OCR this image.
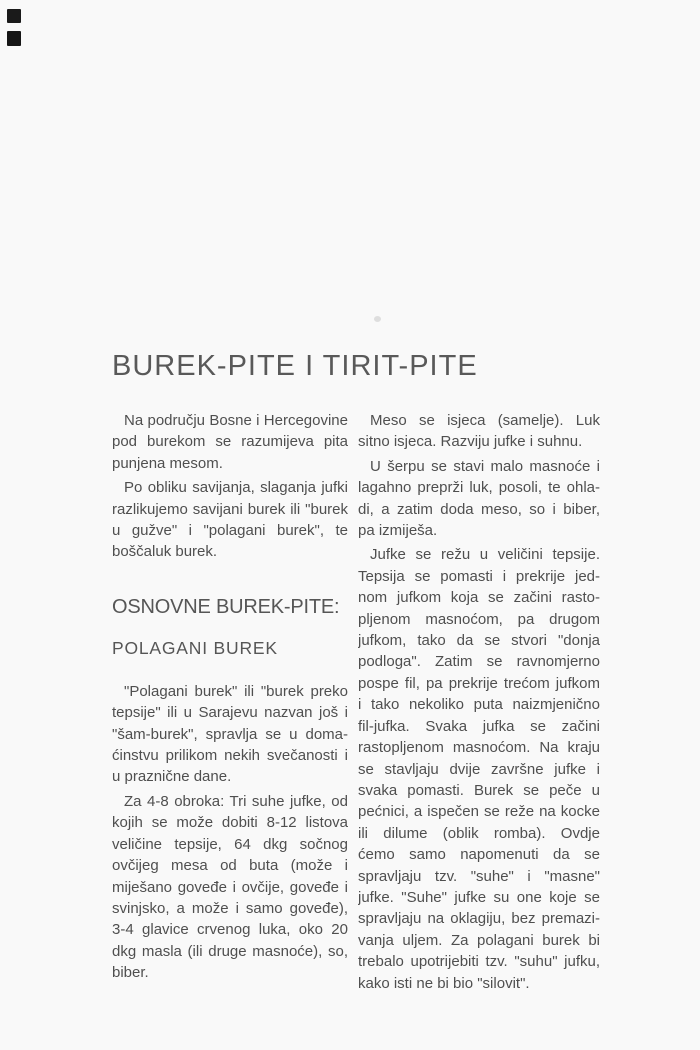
BUREK-PITE I TIRIT-PITE
Na području Bosne i Hercegovine
pod burekom se razumijeva pita
punjena mesom.
Po obliku savijanja, slaganja jufki
razlikujemo savijani burek ili "burek
u gužve" i "polagani burek", te
boščaluk burek.
OSNOVNE BUREK-PITE:
POLAGANI BUREK
"Polagani burek" ili "burek preko
tepsije" ili u Sarajevu nazvan još i
"šam-burek", spravlja se u doma-
ćinstvu prilikom nekih svečanosti i
u praznične dane.
Za 4-8 obroka: Tri suhe jufke, od
kojih se može dobiti 8-12 listova
veličine tepsije, 64 dkg sočnog
ovčijeg mesa od buta (može i
miješano goveđe i ovčije, goveđe i
svinjsko, a može i samo goveđe),
3-4 glavice crvenog luka, oko 20
dkg masla (ili druge masnoće), so,
biber.
Meso se isjeca (samelje). Luk
sitno isjeca. Razviju jufke i suhnu.
U šerpu se stavi malo masnoće i
lagahno preprži luk, posoli, te ohla-
di, a zatim doda meso, so i biber,
pa izmiješa.
Jufke se režu u veličini tepsije.
Tepsija se pomasti i prekrije jed-
nom jufkom koja se začini rasto-
pljenom masnoćom, pa drugom
jufkom, tako da se stvori "donja
podloga". Zatim se ravnomjerno
pospe fil, pa prekrije trećom jufkom
i tako nekoliko puta naizmjenično
fil-jufka. Svaka jufka se začini
rastopljenom masnoćom. Na kraju
se stavljaju dvije završne jufke i
svaka pomasti. Burek se peče u
pećnici, a ispečen se reže na kocke
ili dilume (oblik romba). Ovdje
ćemo samo napomenuti da se
spravljaju tzv. "suhe" i "masne"
jufke. "Suhe" jufke su one koje se
spravljaju na oklagiju, bez premazi-
vanja uljem. Za polagani burek bi
trebalo upotrijebiti tzv. "suhu" jufku,
kako isti ne bi bio "silovit".
